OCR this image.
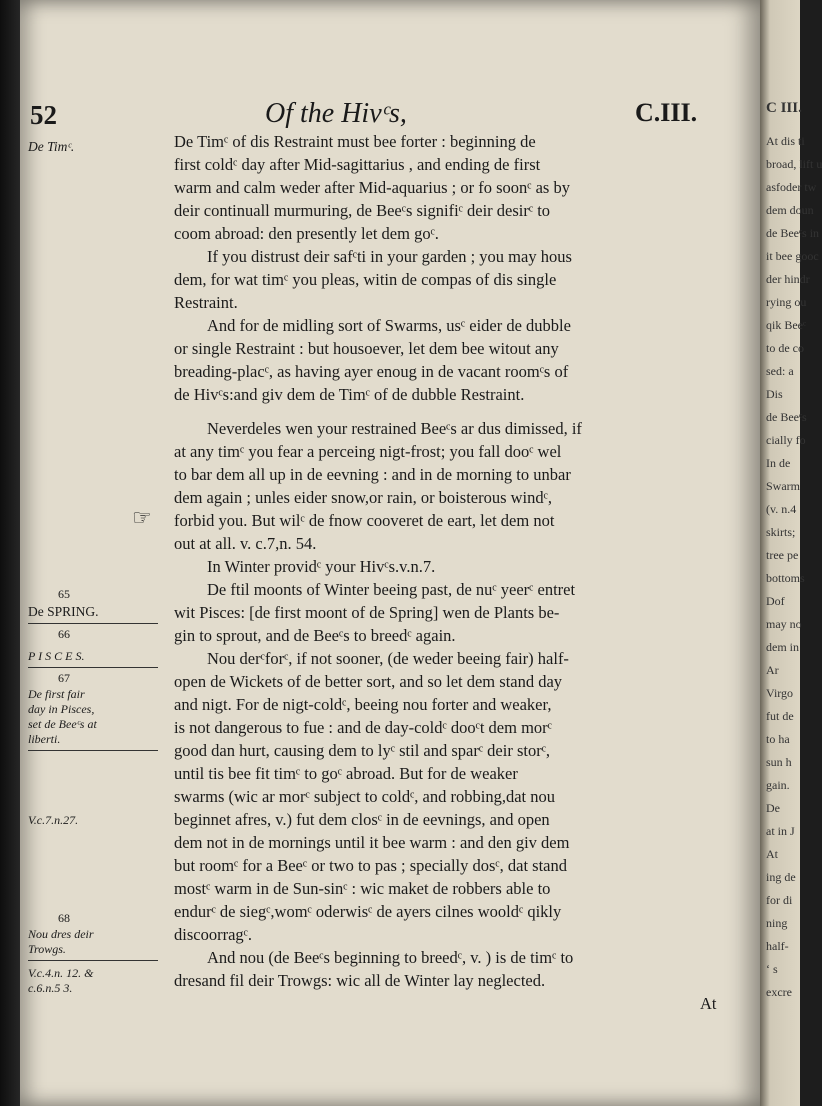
52	Of the Hivᶜs,	C.III.
De Timᶜ of dis Restraint must bee forter : beginning de
first coldᶜ day after Mid-sagittarius , and ending de first
warm and calm weder after Mid-aquarius ; or fo soonᶜ as by
deir continuall murmuring, de Beeᶜs signifiᶜ deir desirᶜ to
coom abroad: den presently let dem goᶜ.
If you distrust deir safᶜti in your garden ; you may hous
dem, for wat timᶜ you pleas, witin de compas of dis single
Restraint.
And for de midling sort of Swarms, usᶜ eider de dubble
or single Restraint : but housoever, let dem bee witout any
breading-placᶜ, as having ayer enoug in de vacant roomᶜs of
de Hivᶜs:and giv dem de Timᶜ of de dubble Restraint.
Neverdeles wen your restrained Beeᶜs ar dus dimissed, if
at any timᶜ you fear a perceing nigt-frost; you fall dooᶜ wel
to bar dem all up in de eevning : and in de morning to unbar
dem again ; unles eider snow,or rain, or boisterous windᶜ,
forbid you. But wilᶜ de fnow cooveret de eart, let dem not
out at all. v. c.7,n. 54.
In Winter providᶜ your Hivᶜs.v.n.7.
De ftil moonts of Winter beeing past, de nuᶜ yeerᶜ entret
wit Pisces: [de first moont of de Spring] wen de Plants be-
gin to sprout, and de Beeᶜs to breedᶜ again.
Nou derᶜforᶜ, if not sooner, (de weder beeing fair) half-
open de Wickets of de better sort, and so let dem stand day
and nigt. For de nigt-coldᶜ, beeing nou forter and weaker,
is not dangerous to fue : and de day-coldᶜ dooᶜt dem morᶜ
good dan hurt, causing dem to lyᶜ stil and sparᶜ deir storᶜ,
until tis bee fit timᶜ to goᶜ abroad. But for de weaker
swarms (wic ar morᶜ subject to coldᶜ, and robbing,dat nou
beginnet afres, v.) fut dem closᶜ in de eevnings, and open
dem not in de mornings until it bee warm : and den giv dem
but roomᶜ for a Beeᶜ or two to pas ; specially dosᶜ, dat stand
mostᶜ warm in de Sun-sinᶜ : wic maket de robbers able to
endurᶜ de siegᶜ,womᶜ oderwisᶜ de ayers cilnes wooldᶜ qikly
discoorragᶜ.
And nou (de Beeᶜs beginning to breedᶜ, v. ) is de timᶜ to
dresand fil deir Trowgs: wic all de Winter lay neglected.
At
De Timᶜ.
65
De SPRING.
66
P I S C E S.
67
De first fair
day in Pisces,
set de Beeᶜs at
liberti.
V.c.7.n.27.
68
Nou dres deir
Trowgs.
V.c.4.n. 12. &
c.6.n.5 3.
☞
C III.
At dis ti
broad, lift u
asfoder tw
dem doun
de Beeᶜs in
it bee gooc
der hindr
rying ou
qik Beeᶜ
to de co
sed: a
Dis
de Beeᶜs
cially fo
In de
Swarm
(v. n.4
skirts;
tree pe
bottoms
Dof
may no
dem in
Ar
Virgo
fut de
to ha
sun h
gain.
De
at in J
At
ing de
for di
ning
half-
‘ s
excre
